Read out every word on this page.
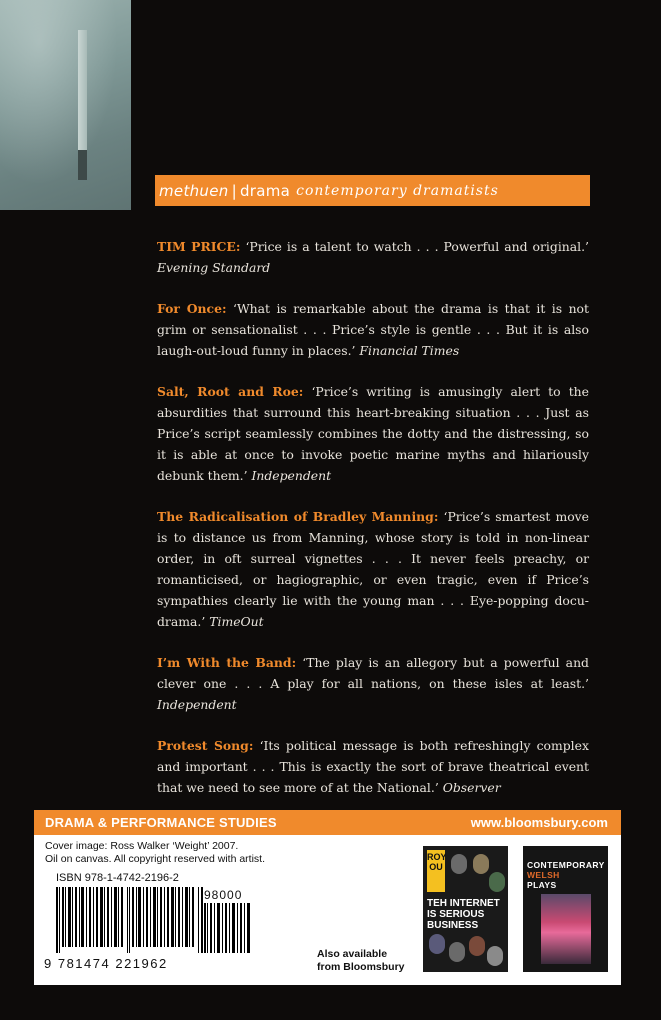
methuen | drama contemporary dramatists

TIM PRICE: ‘Price is a talent to watch . . . Powerful and original.’ Evening Standard

For Once: ‘What is remarkable about the drama is that it is not grim or sensationalist . . . Price’s style is gentle . . . But it is also laugh-out-loud funny in places.’ Financial Times

Salt, Root and Roe: ‘Price’s writing is amusingly alert to the absurdities that surround this heart-breaking situation . . . Just as Price’s script seamlessly combines the dotty and the distressing, so it is able at once to invoke poetic marine myths and hilariously debunk them.’ Independent

The Radicalisation of Bradley Manning: ‘Price’s smartest move is to distance us from Manning, whose story is told in non-linear order, in oft surreal vignettes . . . It never feels preachy, or romanticised, or hagiographic, or even tragic, even if Price’s sympathies clearly lie with the young man . . . Eye-popping docu-drama.’ TimeOut

I’m With the Band: ‘The play is an allegory but a powerful and clever one . . . A play for all nations, on these isles at least.’ Independent

Protest Song: ‘Its political message is both refreshingly complex and important . . . This is exactly the sort of brave theatrical event that we need to see more of at the National.’ Observer

DRAMA & PERFORMANCE STUDIES	www.bloomsbury.com
Cover image: Ross Walker ‘Weight’ 2007.
Oil on canvas. All copyright reserved with artist.
ISBN 978-1-4742-2196-2
98000
9 781474 221962
Also available
from Bloomsbury
ROY OU
TEH INTERNET IS SERIOUS BUSINESS
CONTEMPORARY
WELSH
PLAYS
